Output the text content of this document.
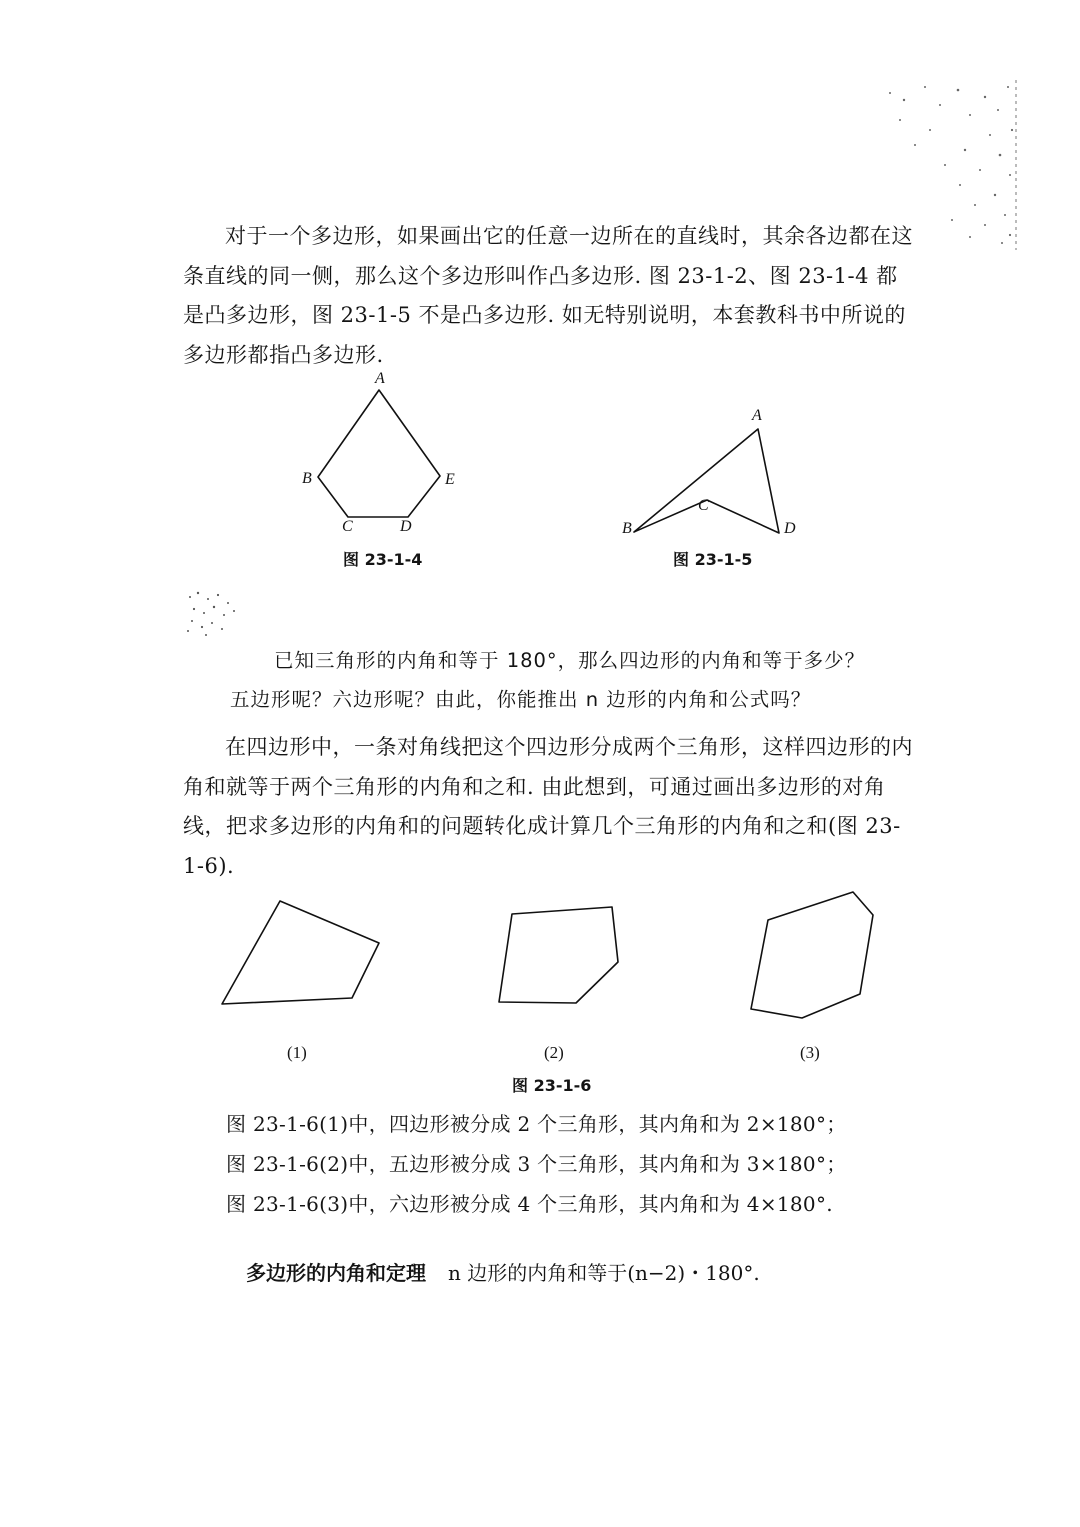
对于一个多边形，如果画出它的任意一边所在的直线时，其余各边都在这条直线的同一侧，那么这个多边形叫作凸多边形. 图 23-1-2、图 23-1-4 都是凸多边形，图 23-1-5 不是凸多边形. 如无特别说明，本套教科书中所说的多边形都指凸多边形.

A
B
C	D
E
图 23-1-4
A
B
C
D
图 23-1-5
已知三角形的内角和等于 180°，那么四边形的内角和等于多少？
五边形呢？六边形呢？由此，你能推出 n 边形的内角和公式吗？

在四边形中，一条对角线把这个四边形分成两个三角形，这样四边形的内角和就等于两个三角形的内角和之和. 由此想到，可通过画出多边形的对角线，把求多边形的内角和的问题转化成计算几个三角形的内角和之和(图 23-1-6).

(1)	(2)	(3)
图 23-1-6
图 23-1-6(1)中，四边形被分成 2 个三角形，其内角和为 2×180°；
图 23-1-6(2)中，五边形被分成 3 个三角形，其内角和为 3×180°；
图 23-1-6(3)中，六边形被分成 4 个三角形，其内角和为 4×180°.
多边形的内角和定理 n 边形的内角和等于(n−2)・180°.
